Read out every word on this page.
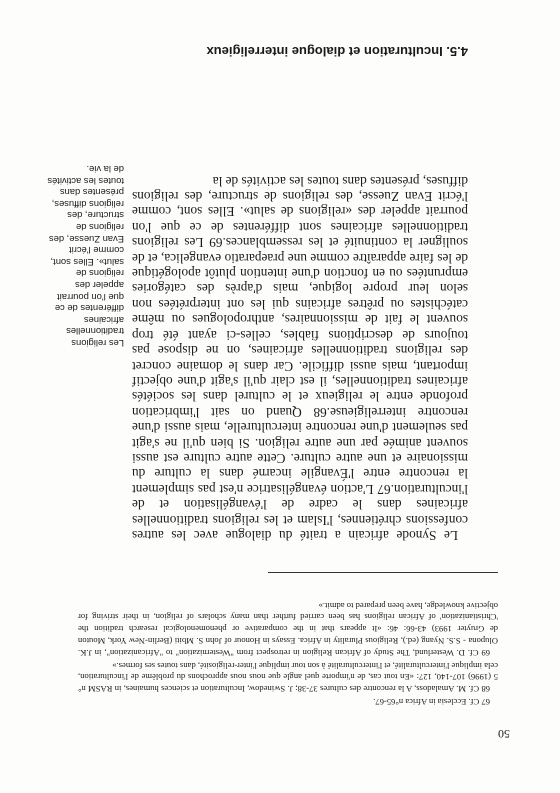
4.5. Inculturation et dialogue interreligieux
Les religions traditionnelles africaines différentes de ce que l'on pourrait appeler des religions de salut». Elles sont, comme l'écrit Evan Zuesse, des religions de structure, des religions diffuses, présentes dans toutes les activités de la vie.

Le Synode africain a traité du dialogue avec les autres confessions chrétiennes, l'Islam et les religions traditionnelles africaines dans le cadre de l'évangélisation et de l'inculturation.67 L'action évangélisatrice n'est pas simplement la rencontre entre l'Évangile incarné dans la culture du missionaire et une autre culture. Cette autre culture est aussi souvent animée par une autre religion. Si bien qu'il ne s'agit pas seulement d'une rencontre interculturelle, mais aussi d'une rencontre interreligieuse.68 Quand on sait l'imbrication profonde entre le religieux et le culturel dans les sociétés africaines traditionnelles, il est clair qu'il s'agit d'une objectif important, mais aussi difficile. Car dans le domaine concret des religions traditionnelles africaines, on ne dispose pas toujours de descriptions fiables, celles-ci ayant été trop souvent le fait de missionnaires, anthropologues ou même catéchistes ou prêtres africains qui les ont interprétées non selon leur propre logique, mais d'après des catégories empruntées ou en fonction d'une intention plutôt apologétique de les faire apparaître comme une praeparatio evangelica, et de souligner la continuité et les ressemblances.69 Les religions traditionnelles africaines sont différentes de ce que l'on pourrait appeler des «religions de salut». Elles sont, comme l'écrit Evan Zuesse, des religions de structure, des religions diffuses, présentes dans toutes les activités de la

67 Cf. Ecclesia in Africa n°65-67.

68 Cf. M. Amaladoss, A la rencontre des cultures 37-38; J. Swinedow, Inculturation et sciences humaines, in RASM n° 5 (1996) 107-140, 127: «En tout cas, de n'importe quel angle que nous nous approchons du problème de l'inculturation, cela implique l'interculturalité, et l'interculturalité à son tour implique l'inter-religiosité, dans toutes ses formes.»

69 Cf. D. Westerlund, The Study of African Religion in retrospect from "Westernization" to "Africanization", in J.K. Olupona - S.S. Nyang (ed.), Religious Plurality in Africa. Essays in Honour of John S. Mbiti (Berlin-New York, Mouton de Gruyter 1993) 43-66: 46: «It appears that in the comparative or phenomenological research tradition the 'Christianization' of African religions has been carried further than many scholars of religion, in their striving for objective knowledge, have been prepared to admit.»

50
